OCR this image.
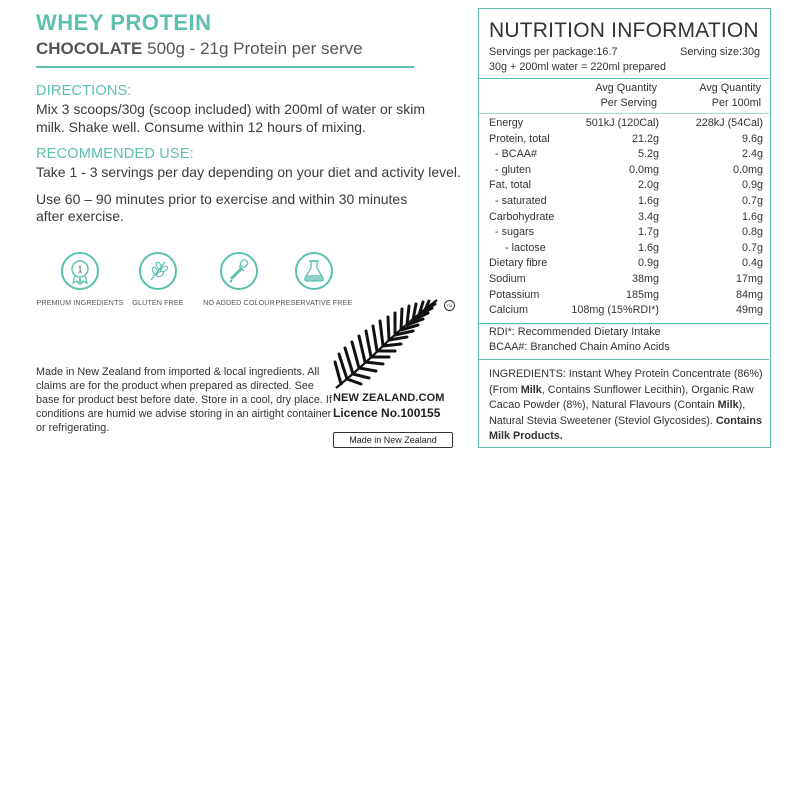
WHEY PROTEIN

CHOCOLATE 500g - 21g Protein per serve

DIRECTIONS:
Mix 3 scoops/30g (scoop included) with 200ml of water or skim
milk. Shake well. Consume within 12 hours of mixing.
RECOMMENDED USE:
Take 1 - 3 servings per day depending on your diet and activity level.
Use 60 – 90 minutes prior to exercise and within 30 minutes
after exercise.
1
PREMIUM INGREDIENTS	GLUTEN FREE	NO ADDED COLOUR PRESERVATIVE FREE
Made in New Zealand from imported & local ingredients. All claims are for the product when prepared as directed. See base for product best before date. Store in a cool, dry place. If conditions are humid we advise storing in an airtight container or refrigerating.
NEW ZEALAND.COM
Licence No.100155
Made in New Zealand
TM
NUTRITION INFORMATION
Servings per package:16.7	Serving size:30g
30g + 200ml water = 220ml prepared
Avg Quantity
Per Serving
Avg Quantity
Per 100ml
Energy	501kJ (120Cal)	228kJ (54Cal)
Protein, total	21.2g	9.6g
- BCAA#	5.2g	2.4g
- gluten	0.0mg	0.0mg
Fat, total	2.0g	0.9g
- saturated	1.6g	0.7g
Carbohydrate	3.4g	1.6g
- sugars	1.7g	0.8g
- lactose	1.6g	0.7g
Dietary fibre	0.9g	0.4g
Sodium	38mg	17mg
Potassium	185mg	84mg
Calcium	108mg (15%RDI*)	49mg
RDI*: Recommended Dietary Intake
BCAA#: Branched Chain Amino Acids
INGREDIENTS: Instant Whey Protein Concentrate (86%) (From Milk, Contains Sunflower Lecithin), Organic Raw Cacao Powder (8%), Natural Flavours (Contain Milk), Natural Stevia Sweetener (Steviol Glycosides). Contains Milk Products.
